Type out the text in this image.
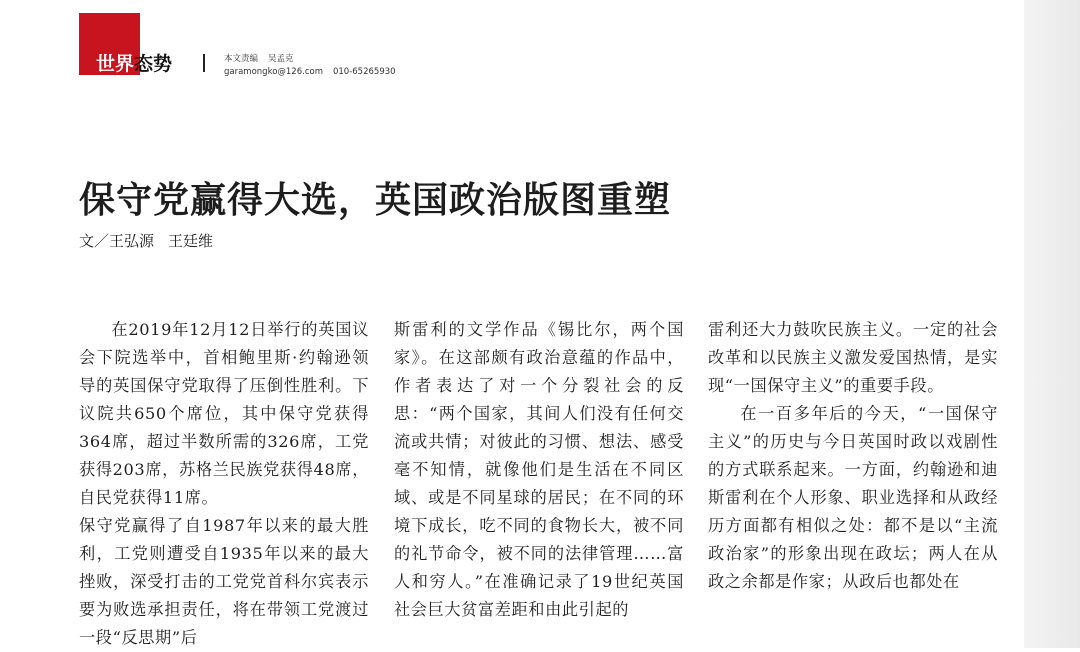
世界态势	本文责编 吴孟克
garamongko@126.com 010-65265930
保守党赢得大选，英国政治版图重塑
文／王弘源 王廷维

在2019年12月12日举行的英国议会下院选举中，首相鲍里斯·约翰逊领导的英国保守党取得了压倒性胜利。下议院共650个席位，其中保守党获得364席，超过半数所需的326席，工党获得203席，苏格兰民族党获得48席，自民党获得11席。

保守党赢得了自1987年以来的最大胜利，工党则遭受自1935年以来的最大挫败，深受打击的工党党首科尔宾表示要为败选承担责任，将在带领工党渡过一段“反思期”后

斯雷利的文学作品《锡比尔，两个国家》。在这部颇有政治意蕴的作品中，作者表达了对一个分裂社会的反思：“两个国家，其间人们没有任何交流或共情；对彼此的习惯、想法、感受毫不知情，就像他们是生活在不同区域、或是不同星球的居民；在不同的环境下成长，吃不同的食物长大，被不同的礼节命令，被不同的法律管理……富人和穷人。”在准确记录了19世纪英国社会巨大贫富差距和由此引起的

雷利还大力鼓吹民族主义。一定的社会改革和以民族主义激发爱国热情，是实现“一国保守主义”的重要手段。

在一百多年后的今天，“一国保守主义”的历史与今日英国时政以戏剧性的方式联系起来。一方面，约翰逊和迪斯雷利在个人形象、职业选择和从政经历方面都有相似之处：都不是以“主流政治家”的形象出现在政坛；两人在从政之余都是作家；从政后也都处在
